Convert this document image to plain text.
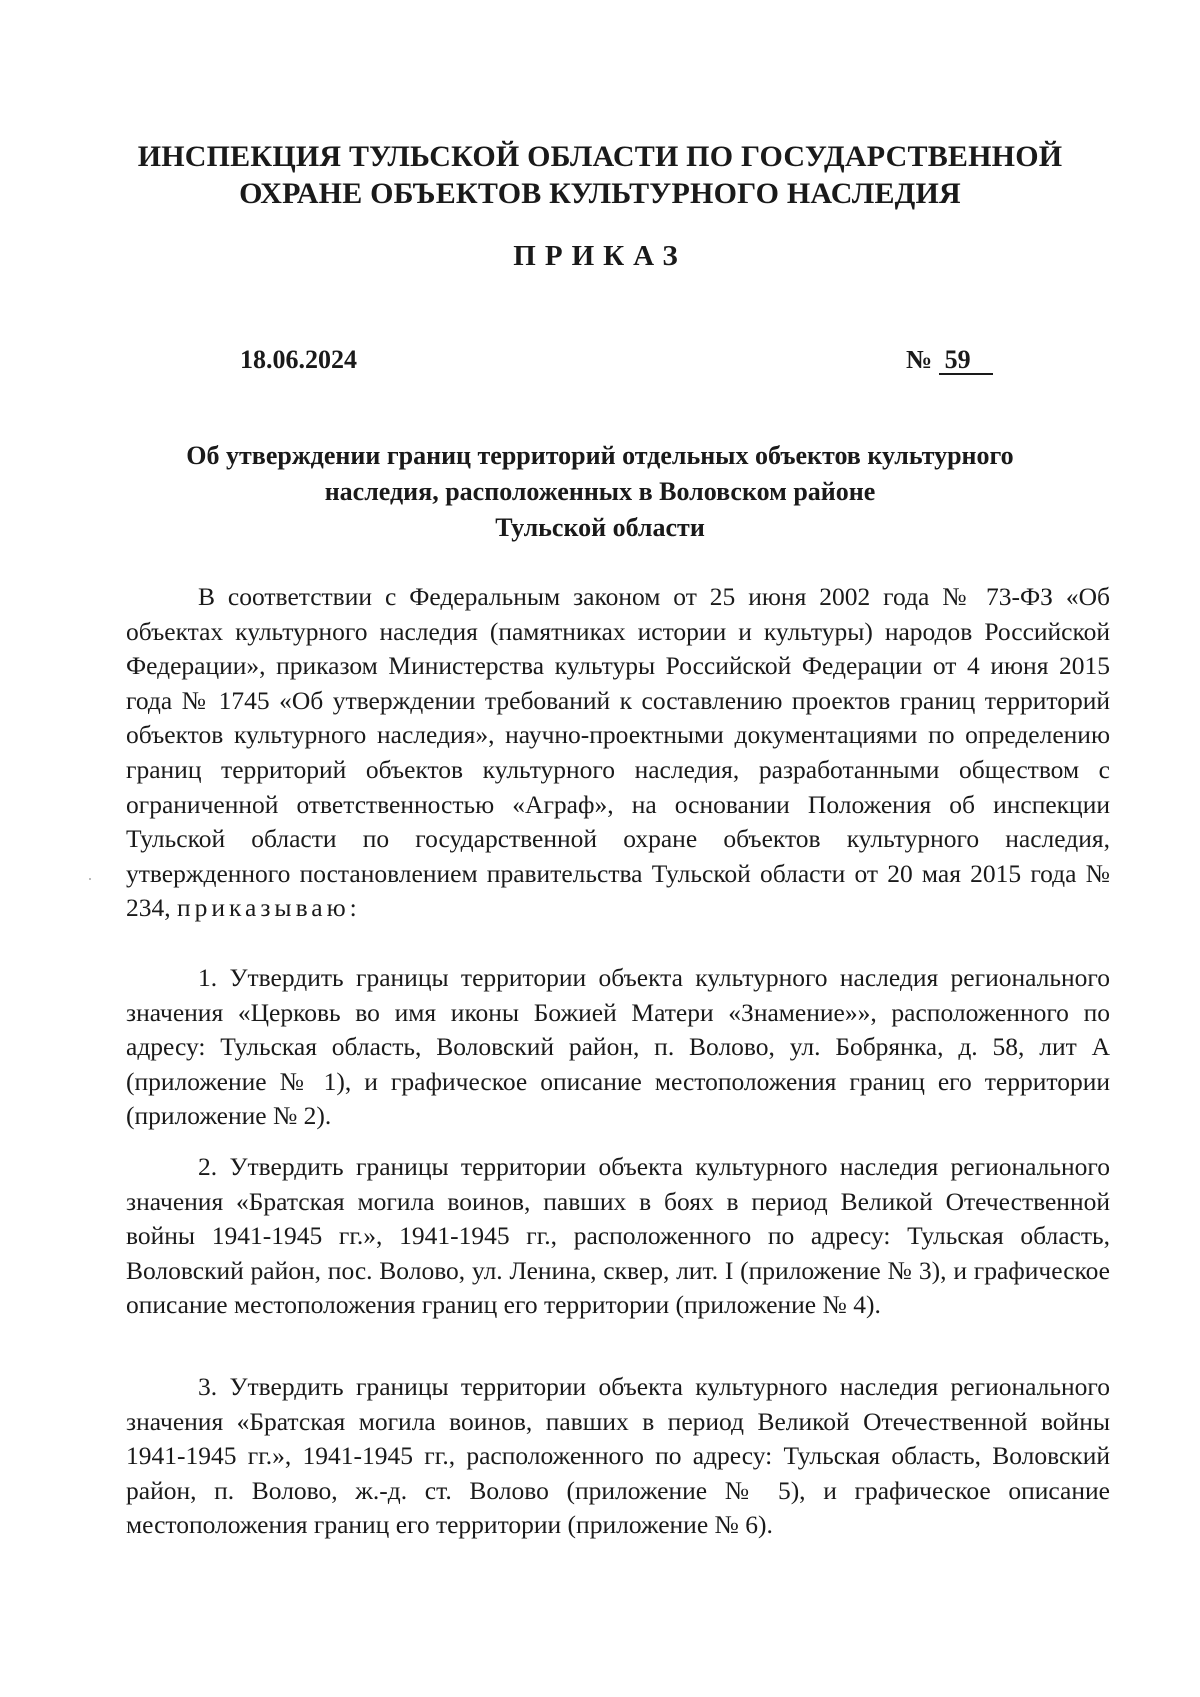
ИНСПЕКЦИЯ ТУЛЬСКОЙ ОБЛАСТИ ПО ГОСУДАРСТВЕННОЙ
ОХРАНЕ ОБЪЕКТОВ КУЛЬТУРНОГО НАСЛЕДИЯ
ПРИКАЗ
18.06.2024	№ 59
Об утверждении границ территорий отдельных объектов культурного
наследия, расположенных в Воловском районе
Тульской области

В соответствии с Федеральным законом от 25 июня 2002 года № 73-ФЗ «Об объектах культурного наследия (памятниках истории и культуры) народов Российской Федерации», приказом Министерства культуры Российской Федерации от 4 июня 2015 года № 1745 «Об утверждении требований к составлению проектов границ территорий объектов культурного наследия», научно-проектными документациями по определению границ территорий объектов культурного наследия, разработанными обществом с ограниченной ответственностью «Аграф», на основании Положения об инспекции Тульской области по государственной охране объектов культурного наследия, утвержденного постановлением правительства Тульской области от 20 мая 2015 года № 234, приказываю:

1. Утвердить границы территории объекта культурного наследия регионального значения «Церковь во имя иконы Божией Матери «Знамение»», расположенного по адресу: Тульская область, Воловский район, п. Волово, ул. Бобрянка, д. 58, лит А (приложение № 1), и графическое описание местоположения границ его территории (приложение № 2).

2. Утвердить границы территории объекта культурного наследия регионального значения «Братская могила воинов, павших в боях в период Великой Отечественной войны 1941-1945 гг.», 1941-1945 гг., расположенного по адресу: Тульская область, Воловский район, пос. Волово, ул. Ленина, сквер, лит. I (приложение № 3), и графическое описание местоположения границ его территории (приложение № 4).

3. Утвердить границы территории объекта культурного наследия регионального значения «Братская могила воинов, павших в период Великой Отечественной войны 1941-1945 гг.», 1941-1945 гг., расположенного по адресу: Тульская область, Воловский район, п. Волово, ж.-д. ст. Волово (приложение № 5), и графическое описание местоположения границ его территории (приложение № 6).
